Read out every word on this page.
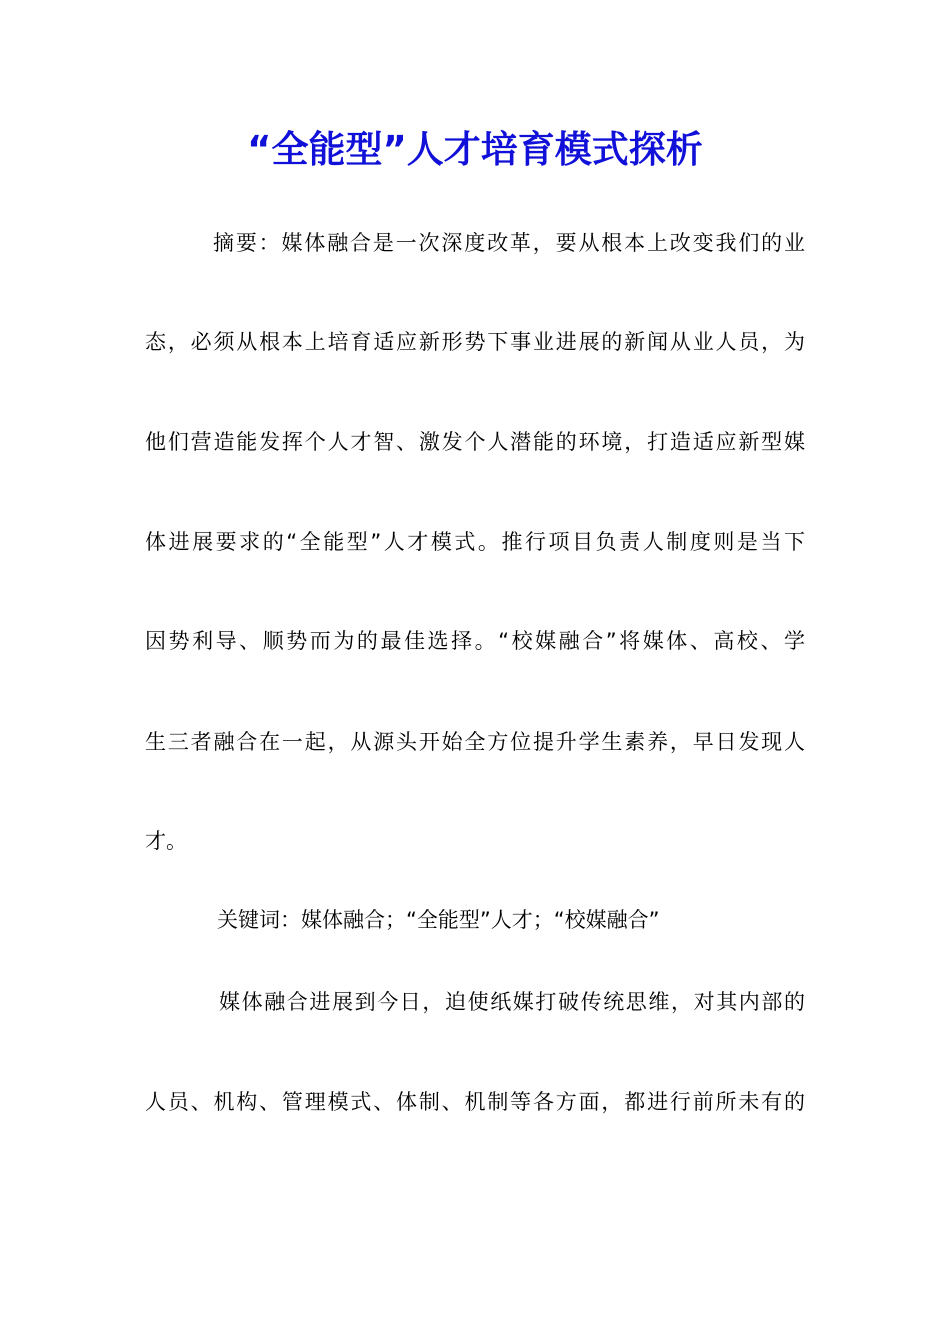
“全能型”人才培育模式探析
摘要：媒体融合是一次深度改革，要从根本上改变我们的业
态，必须从根本上培育适应新形势下事业进展的新闻从业人员，为
他们营造能发挥个人才智、激发个人潜能的环境，打造适应新型媒
体进展要求的“全能型”人才模式。推行项目负责人制度则是当下
因势利导、顺势而为的最佳选择。“校媒融合”将媒体、高校、学
生三者融合在一起，从源头开始全方位提升学生素养，早日发现人
才。
关键词：媒体融合；“全能型”人才；“校媒融合”
媒体融合进展到今日，迫使纸媒打破传统思维，对其内部的
人员、机构、管理模式、体制、机制等各方面，都进行前所未有的
